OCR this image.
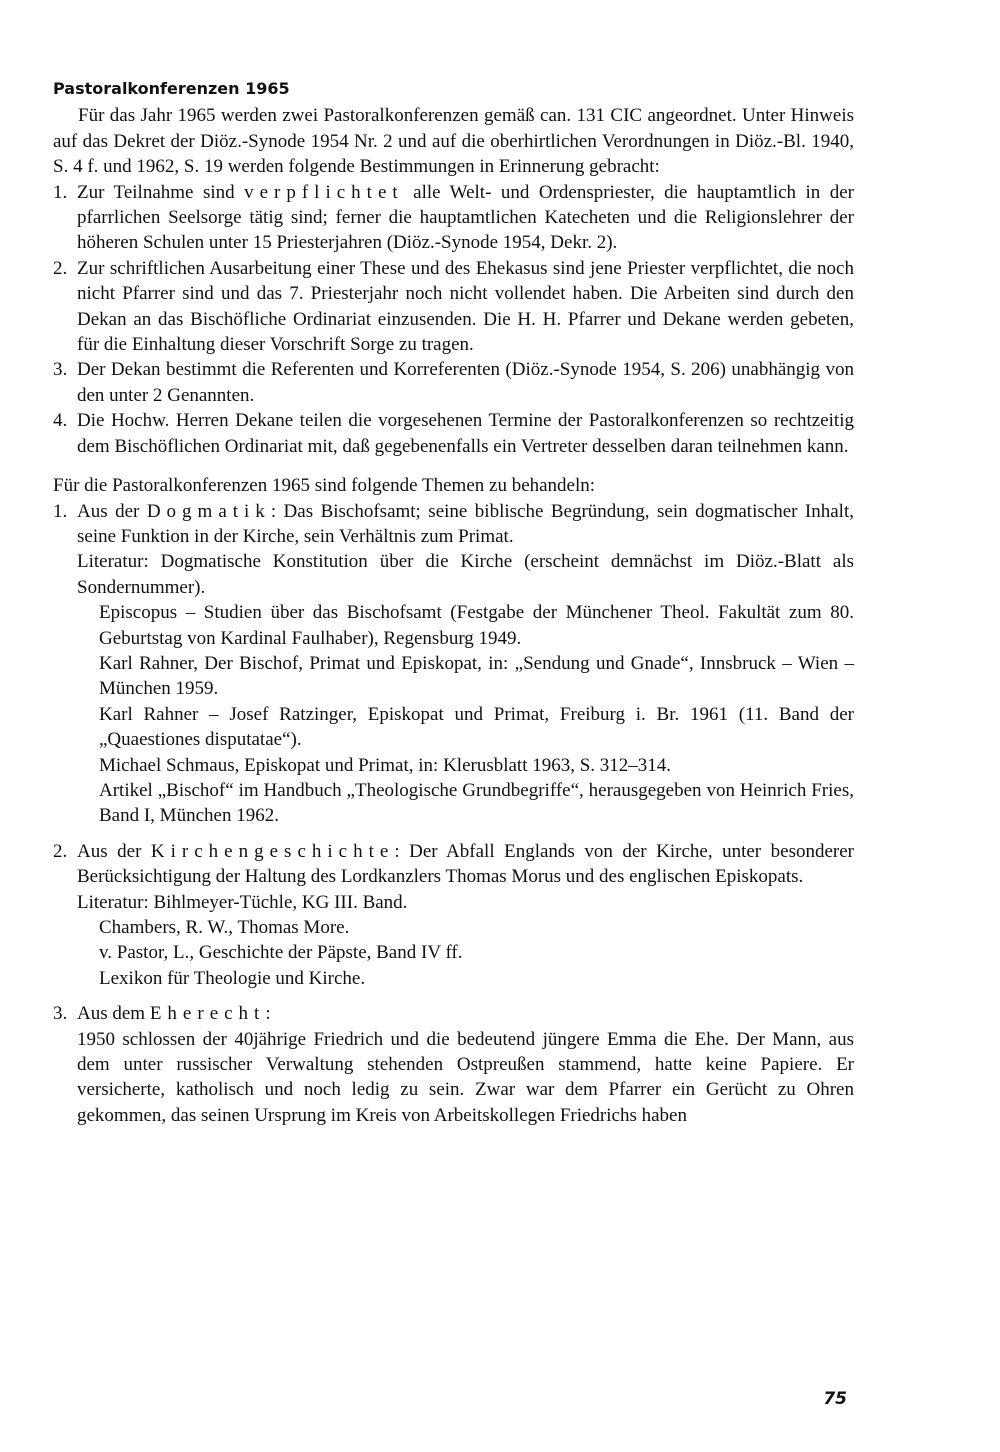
Pastoralkonferenzen 1965

Für das Jahr 1965 werden zwei Pastoralkonferenzen gemäß can. 131 CIC angeordnet. Unter Hinweis auf das Dekret der Diöz.-Synode 1954 Nr. 2 und auf die oberhirtlichen Verordnungen in Diöz.-Bl. 1940, S. 4 f. und 1962, S. 19 werden folgende Bestimmungen in Erinnerung gebracht:

1. Zur Teilnahme sind verpflichtet alle Welt- und Ordenspriester, die hauptamtlich in der pfarrlichen Seelsorge tätig sind; ferner die hauptamtlichen Katecheten und die Religionslehrer der höheren Schulen unter 15 Priesterjahren (Diöz.-Synode 1954, Dekr. 2).
2. Zur schriftlichen Ausarbeitung einer These und des Ehekasus sind jene Priester verpflichtet, die noch nicht Pfarrer sind und das 7. Priesterjahr noch nicht vollendet haben. Die Arbeiten sind durch den Dekan an das Bischöfliche Ordinariat einzusenden. Die H. H. Pfarrer und Dekane werden gebeten, für die Einhaltung dieser Vorschrift Sorge zu tragen.
3. Der Dekan bestimmt die Referenten und Korreferenten (Diöz.-Synode 1954, S. 206) unabhängig von den unter 2 Genannten.
4. Die Hochw. Herren Dekane teilen die vorgesehenen Termine der Pastoralkonferenzen so rechtzeitig dem Bischöflichen Ordinariat mit, daß gegebenenfalls ein Vertreter desselben daran teilnehmen kann.

Für die Pastoralkonferenzen 1965 sind folgende Themen zu behandeln:

1. Aus der Dogmatik: Das Bischofsamt; seine biblische Begründung, sein dogmatischer Inhalt, seine Funktion in der Kirche, sein Verhältnis zum Primat.

Literatur: Dogmatische Konstitution über die Kirche (erscheint demnächst im Diöz.-Blatt als Sondernummer).

Episcopus – Studien über das Bischofsamt (Festgabe der Münchener Theol. Fakultät zum 80. Geburtstag von Kardinal Faulhaber), Regensburg 1949.

Karl Rahner, Der Bischof, Primat und Episkopat, in: „Sendung und Gnade“, Innsbruck – Wien – München 1959.

Karl Rahner – Josef Ratzinger, Episkopat und Primat, Freiburg i. Br. 1961 (11. Band der „Quaestiones disputatae“).

Michael Schmaus, Episkopat und Primat, in: Klerusblatt 1963, S. 312–314.

Artikel „Bischof“ im Handbuch „Theologische Grundbegriffe“, herausgegeben von Heinrich Fries, Band I, München 1962.

2. Aus der Kirchengeschichte: Der Abfall Englands von der Kirche, unter besonderer Berücksichtigung der Haltung des Lordkanzlers Thomas Morus und des englischen Episkopats.

Literatur: Bihlmeyer-Tüchle, KG III. Band.

Chambers, R. W., Thomas More.

v. Pastor, L., Geschichte der Päpste, Band IV ff.

Lexikon für Theologie und Kirche.

3. Aus dem Eherecht:

1950 schlossen der 40jährige Friedrich und die bedeutend jüngere Emma die Ehe. Der Mann, aus dem unter russischer Verwaltung stehenden Ostpreußen stammend, hatte keine Papiere. Er versicherte, katholisch und noch ledig zu sein. Zwar war dem Pfarrer ein Gerücht zu Ohren gekommen, das seinen Ursprung im Kreis von Arbeitskollegen Friedrichs haben

75
